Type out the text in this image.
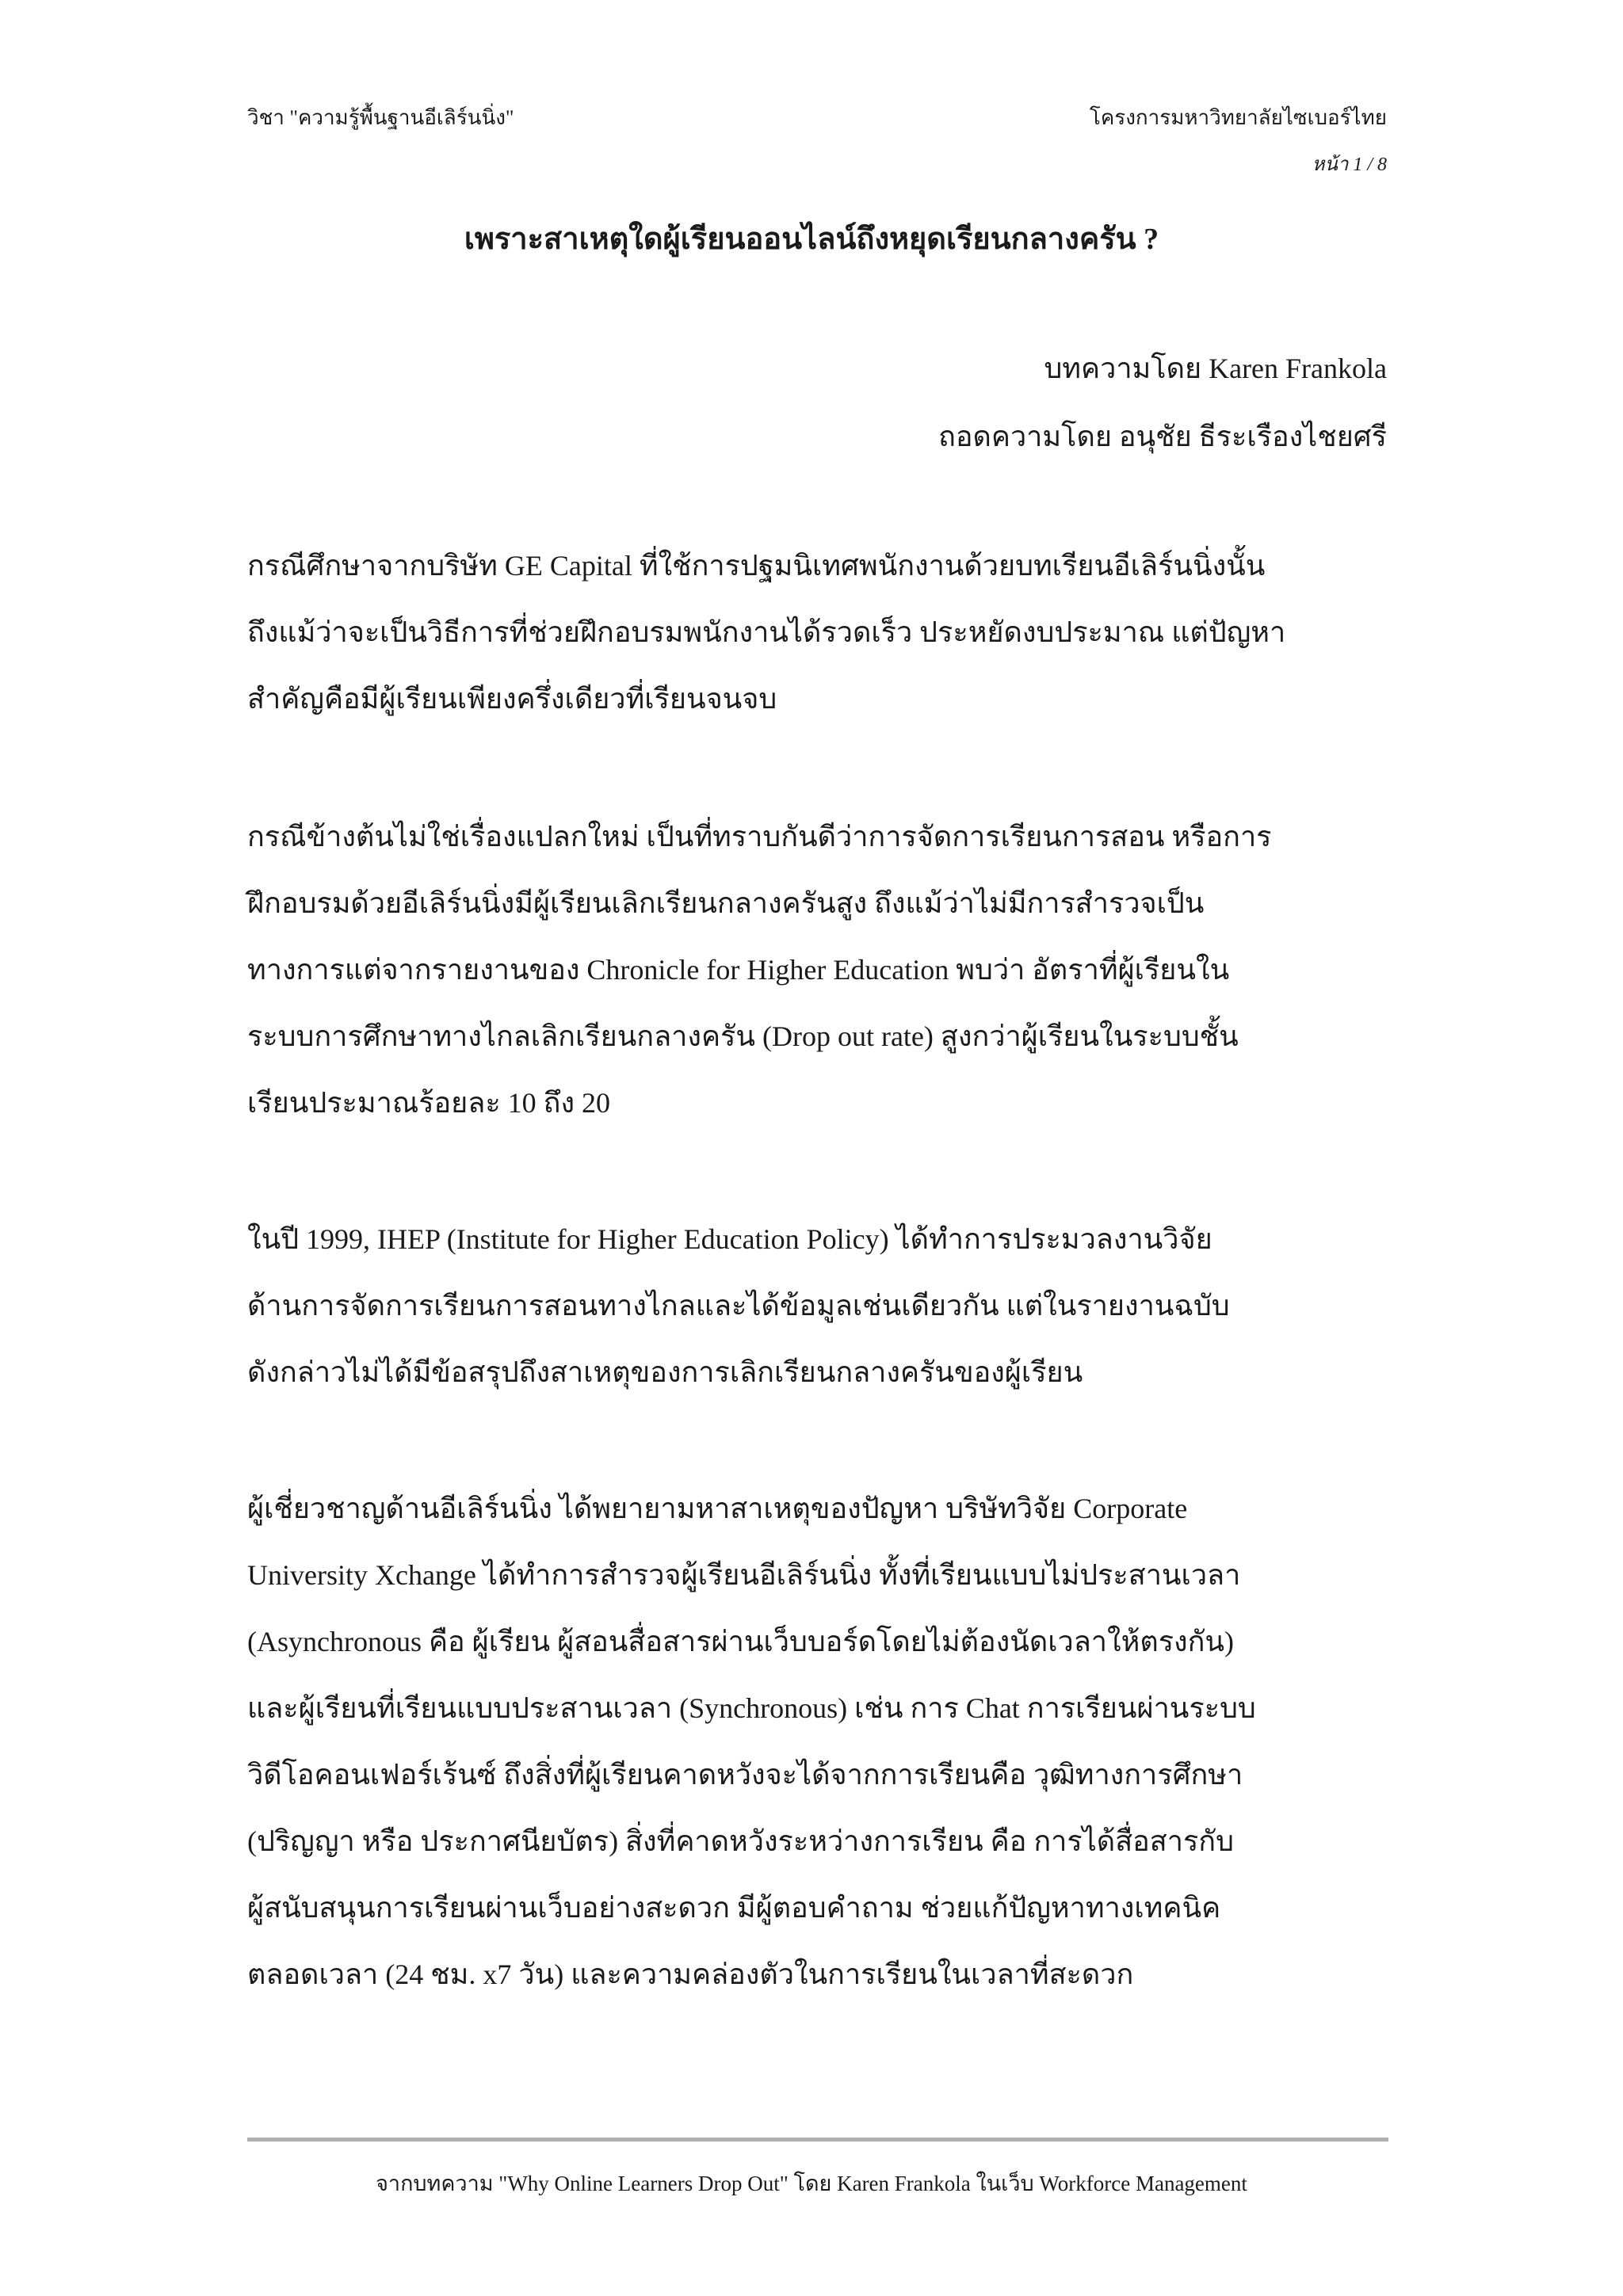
วิชา "ความรู้พื้นฐานอีเลิร์นนิ่ง"	โครงการมหาวิทยาลัยไซเบอร์ไทย
หน้า 1 / 8
เพราะสาเหตุใดผู้เรียนออนไลน์ถึงหยุดเรียนกลางครัน ?
บทความโดย Karen Frankola
ถอดความโดย อนุชัย ธีระเรืองไชยศรี
กรณีศึกษาจากบริษัท GE Capital ที่ใช้การปฐมนิเทศพนักงานด้วยบทเรียนอีเลิร์นนิ่งนั้น
ถึงแม้ว่าจะเป็นวิธีการที่ช่วยฝึกอบรมพนักงานได้รวดเร็ว ประหยัดงบประมาณ แต่ปัญหา
สำคัญคือมีผู้เรียนเพียงครึ่งเดียวที่เรียนจนจบ
กรณีข้างต้นไม่ใช่เรื่องแปลกใหม่ เป็นที่ทราบกันดีว่าการจัดการเรียนการสอน หรือการ
ฝึกอบรมด้วยอีเลิร์นนิ่งมีผู้เรียนเลิกเรียนกลางครันสูง ถึงแม้ว่าไม่มีการสำรวจเป็น
ทางการแต่จากรายงานของ Chronicle for Higher Education พบว่า อัตราที่ผู้เรียนใน
ระบบการศึกษาทางไกลเลิกเรียนกลางครัน (Drop out rate) สูงกว่าผู้เรียนในระบบชั้น
เรียนประมาณร้อยละ 10 ถึง 20
ในปี 1999, IHEP (Institute for Higher Education Policy) ได้ทำการประมวลงานวิจัย
ด้านการจัดการเรียนการสอนทางไกลและได้ข้อมูลเช่นเดียวกัน แต่ในรายงานฉบับ
ดังกล่าวไม่ได้มีข้อสรุปถึงสาเหตุของการเลิกเรียนกลางครันของผู้เรียน
ผู้เชี่ยวชาญด้านอีเลิร์นนิ่ง ได้พยายามหาสาเหตุของปัญหา บริษัทวิจัย Corporate
University Xchange ได้ทำการสำรวจผู้เรียนอีเลิร์นนิ่ง ทั้งที่เรียนแบบไม่ประสานเวลา
(Asynchronous คือ ผู้เรียน ผู้สอนสื่อสารผ่านเว็บบอร์ดโดยไม่ต้องนัดเวลาให้ตรงกัน)
และผู้เรียนที่เรียนแบบประสานเวลา (Synchronous) เช่น การ Chat การเรียนผ่านระบบ
วิดีโอคอนเฟอร์เร้นซ์ ถึงสิ่งที่ผู้เรียนคาดหวังจะได้จากการเรียนคือ วุฒิทางการศึกษา
(ปริญญา หรือ ประกาศนียบัตร) สิ่งที่คาดหวังระหว่างการเรียน คือ การได้สื่อสารกับ
ผู้สนับสนุนการเรียนผ่านเว็บอย่างสะดวก มีผู้ตอบคำถาม ช่วยแก้ปัญหาทางเทคนิค
ตลอดเวลา (24 ชม. x7 วัน) และความคล่องตัวในการเรียนในเวลาที่สะดวก
จากบทความ "Why Online Learners Drop Out" โดย Karen Frankola ในเว็บ Workforce Management
